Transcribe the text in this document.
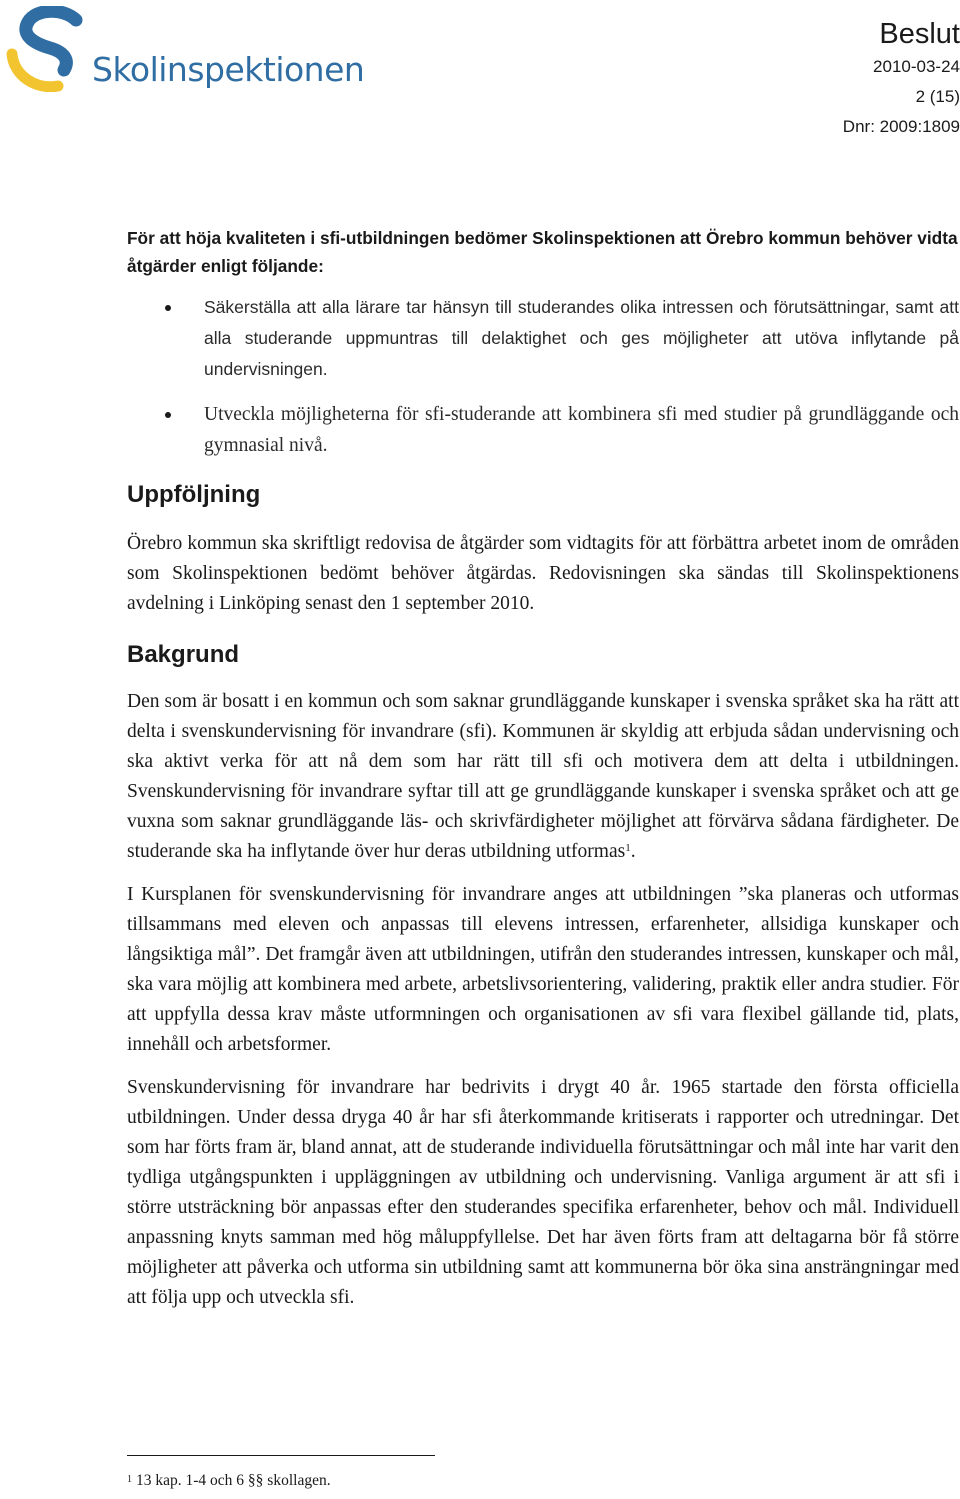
Skolinspektionen
Beslut
2010-03-24
2 (15)
Dnr: 2009:1809

För att höja kvaliteten i sfi-utbildningen bedömer Skolinspektionen att Örebro kommun behöver vidta åtgärder enligt följande:

Säkerställa att alla lärare tar hänsyn till studerandes olika intressen och förutsättningar, samt att alla studerande uppmuntras till delaktighet och ges möjligheter att utöva inflytande på undervisningen.
Utveckla möjligheterna för sfi-studerande att kombinera sfi med studier på grundläggande och gymnasial nivå.
Uppföljning

Örebro kommun ska skriftligt redovisa de åtgärder som vidtagits för att förbättra arbetet inom de områden som Skolinspektionen bedömt behöver åtgärdas. Redovisningen ska sändas till Skolinspektionens avdelning i Linköping senast den 1 september 2010.

Bakgrund

Den som är bosatt i en kommun och som saknar grundläggande kunskaper i svenska språket ska ha rätt att delta i svenskundervisning för invandrare (sfi). Kommunen är skyldig att erbjuda sådan undervisning och ska aktivt verka för att nå dem som har rätt till sfi och motivera dem att delta i utbildningen. Svenskundervisning för invandrare syftar till att ge grundläggande kunskaper i svenska språket och att ge vuxna som saknar grundläggande läs- och skrivfärdigheter möjlighet att förvärva sådana färdigheter. De studerande ska ha inflytande över hur deras utbildning utformas$^1$.

I Kursplanen för svenskundervisning för invandrare anges att utbildningen ”ska planeras och utformas tillsammans med eleven och anpassas till elevens intressen, erfarenheter, allsidiga kunskaper och långsiktiga mål”. Det framgår även att utbildningen, utifrån den studerandes intressen, kunskaper och mål, ska vara möjlig att kombinera med arbete, arbetslivsorientering, validering, praktik eller andra studier. För att uppfylla dessa krav måste utformningen och organisationen av sfi vara flexibel gällande tid, plats, innehåll och arbetsformer.

Svenskundervisning för invandrare har bedrivits i drygt 40 år. 1965 startade den första officiella utbildningen. Under dessa dryga 40 år har sfi återkommande kritiserats i rapporter och utredningar. Det som har förts fram är, bland annat, att de studerande individuella förutsättningar och mål inte har varit den tydliga utgångspunkten i uppläggningen av utbildning och undervisning. Vanliga argument är att sfi i större utsträckning bör anpassas efter den studerandes specifika erfarenheter, behov och mål. Individuell anpassning knyts samman med hög måluppfyllelse. Det har även förts fram att deltagarna bör få större möjligheter att påverka och utforma sin utbildning samt att kommunerna bör öka sina ansträngningar med att följa upp och utveckla sfi.

$^1$ 13 kap. 1-4 och 6 §§ skollagen.
